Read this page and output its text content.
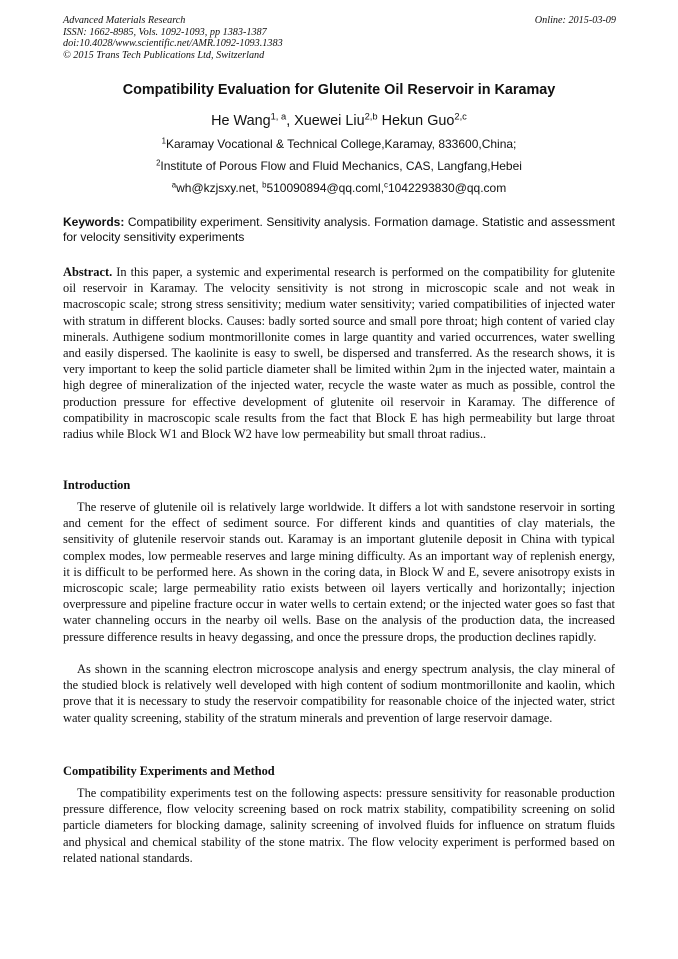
Advanced Materials Research
ISSN: 1662-8985, Vols. 1092-1093, pp 1383-1387
doi:10.4028/www.scientific.net/AMR.1092-1093.1383
© 2015 Trans Tech Publications Ltd, Switzerland
Online: 2015-03-09
Compatibility Evaluation for Glutenite Oil Reservoir in Karamay
He Wang$^{1, a}$, Xuewei Liu$^{2,b}$ Hekun Guo$^{2,c}$
$^1$Karamay Vocational & Technical College,Karamay, 833600,China;
$^2$Institute of Porous Flow and Fluid Mechanics, CAS, Langfang,Hebei
$^a$wh@kzjsxy.net, $^b$510090894@qq.coml,$^c$1042293830@qq.com
Keywords: Compatibility experiment. Sensitivity analysis. Formation damage. Statistic and assessment for velocity sensitivity experiments

Abstract. In this paper, a systemic and experimental research is performed on the compatibility for glutenite oil reservoir in Karamay. The velocity sensitivity is not strong in microscopic scale and not weak in macroscopic scale; strong stress sensitivity; medium water sensitivity; varied compatibilities of injected water with stratum in different blocks. Causes: badly sorted source and small pore throat; high content of varied clay minerals. Authigene sodium montmorillonite comes in large quantity and varied occurrences, water swelling and easily dispersed. The kaolinite is easy to swell, be dispersed and transferred. As the research shows, it is very important to keep the solid particle diameter shall be limited within 2μm in the injected water, maintain a high degree of mineralization of the injected water, recycle the waste water as much as possible, control the production pressure for effective development of glutenite oil reservoir in Karamay. The difference of compatibility in macroscopic scale results from the fact that Block E has high permeability but large throat radius while Block W1 and Block W2 have low permeability but small throat radius..

Introduction

The reserve of glutenile oil is relatively large worldwide. It differs a lot with sandstone reservoir in sorting and cement for the effect of sediment source. For different kinds and quantities of clay materials, the sensitivity of glutenile reservoir stands out. Karamay is an important glutenile deposit in China with typical complex modes, low permeable reserves and large mining difficulty. As an important way of replenish energy, it is difficult to be performed here. As shown in the coring data, in Block W and E, severe anisotropy exists in microscopic scale; large permeability ratio exists between oil layers vertically and horizontally; injection overpressure and pipeline fracture occur in water wells to certain extend; or the injected water goes so fast that water channeling occurs in the nearby oil wells. Base on the analysis of the production data, the increased pressure difference results in heavy degassing, and once the pressure drops, the production declines rapidly.

As shown in the scanning electron microscope analysis and energy spectrum analysis, the clay mineral of the studied block is relatively well developed with high content of sodium montmorillonite and kaolin, which prove that it is necessary to study the reservoir compatibility for reasonable choice of the injected water, strict water quality screening, stability of the stratum minerals and prevention of large reservoir damage.

Compatibility Experiments and Method

The compatibility experiments test on the following aspects: pressure sensitivity for reasonable production pressure difference, flow velocity screening based on rock matrix stability, compatibility screening on solid particle diameters for blocking damage, salinity screening of involved fluids for influence on stratum fluids and physical and chemical stability of the stone matrix. The flow velocity experiment is performed based on related national standards.
